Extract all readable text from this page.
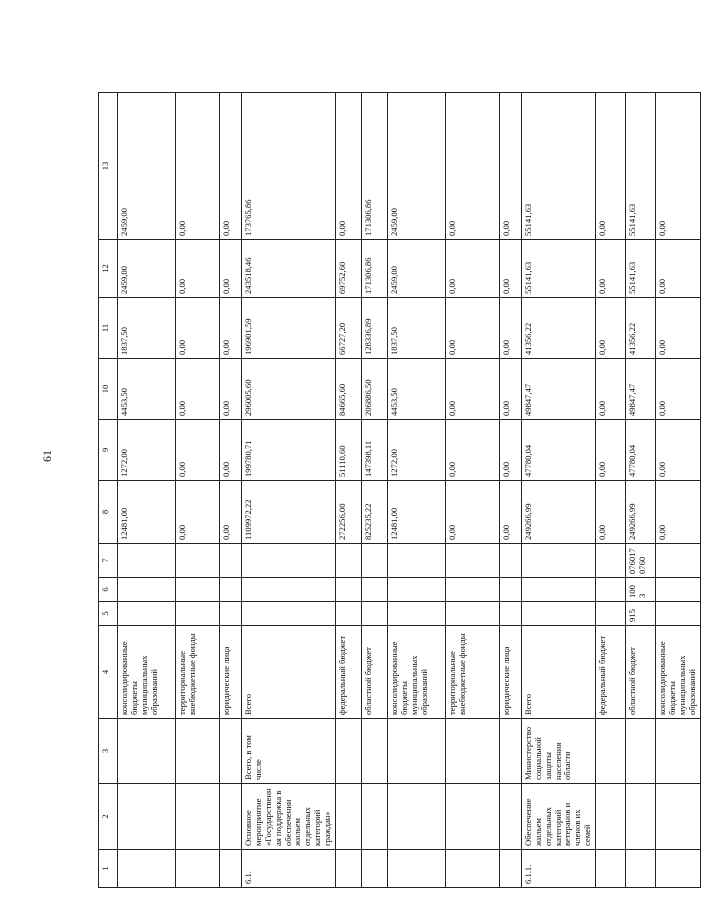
61
1	2	3	4	5	6	7	8	9	10	11	12	13
			консолидированные бюджеты муниципальных образований				12481,00	1272,00	4453,50	1837,50	2459,00	2459,00
			территориальные внебюджетные фонды				0,00	0,00	0,00	0,00	0,00	0,00
			юридические лица				0,00	0,00	0,00	0,00	0,00	0,00
6.1.	Основное мероприятие «Государственная поддержка в обеспечении жильем отдельных категорий граждан»	Всего, в том числе	Всего				1109972,22	199780,71	296005,60	196901,59	243518,46	173765,86
			федеральный бюджет				272256,00	51110,60	84665,60	66727,20	69752,60	0,00
			областной бюджет				825235,22	147398,11	206886,50	128336,89	171306,86	171306,86
			консолидированные бюджеты муниципальных образований				12481,00	1272,00	4453,50	1837,50	2459,00	2459,00
			территориальные внебюджетные фонды				0,00	0,00	0,00	0,00	0,00	0,00
			юридические лица				0,00	0,00	0,00	0,00	0,00	0,00
6.1.1.	Обеспечение жильем отдельных категорий ветеранов и членов их семей	Министерство социальной защиты населения области	Всего				249266,99	47780,04	49847,47	41356,22	55141,63	55141,63
			федеральный бюджет				0,00	0,00	0,00	0,00	0,00	0,00
			областной бюджет	915	1003	076017 0760	249266,99	47780,04	49847,47	41356,22	55141,63	55141,63
			консолидированные бюджеты муниципальных образований				0,00	0,00	0,00	0,00	0,00	0,00
